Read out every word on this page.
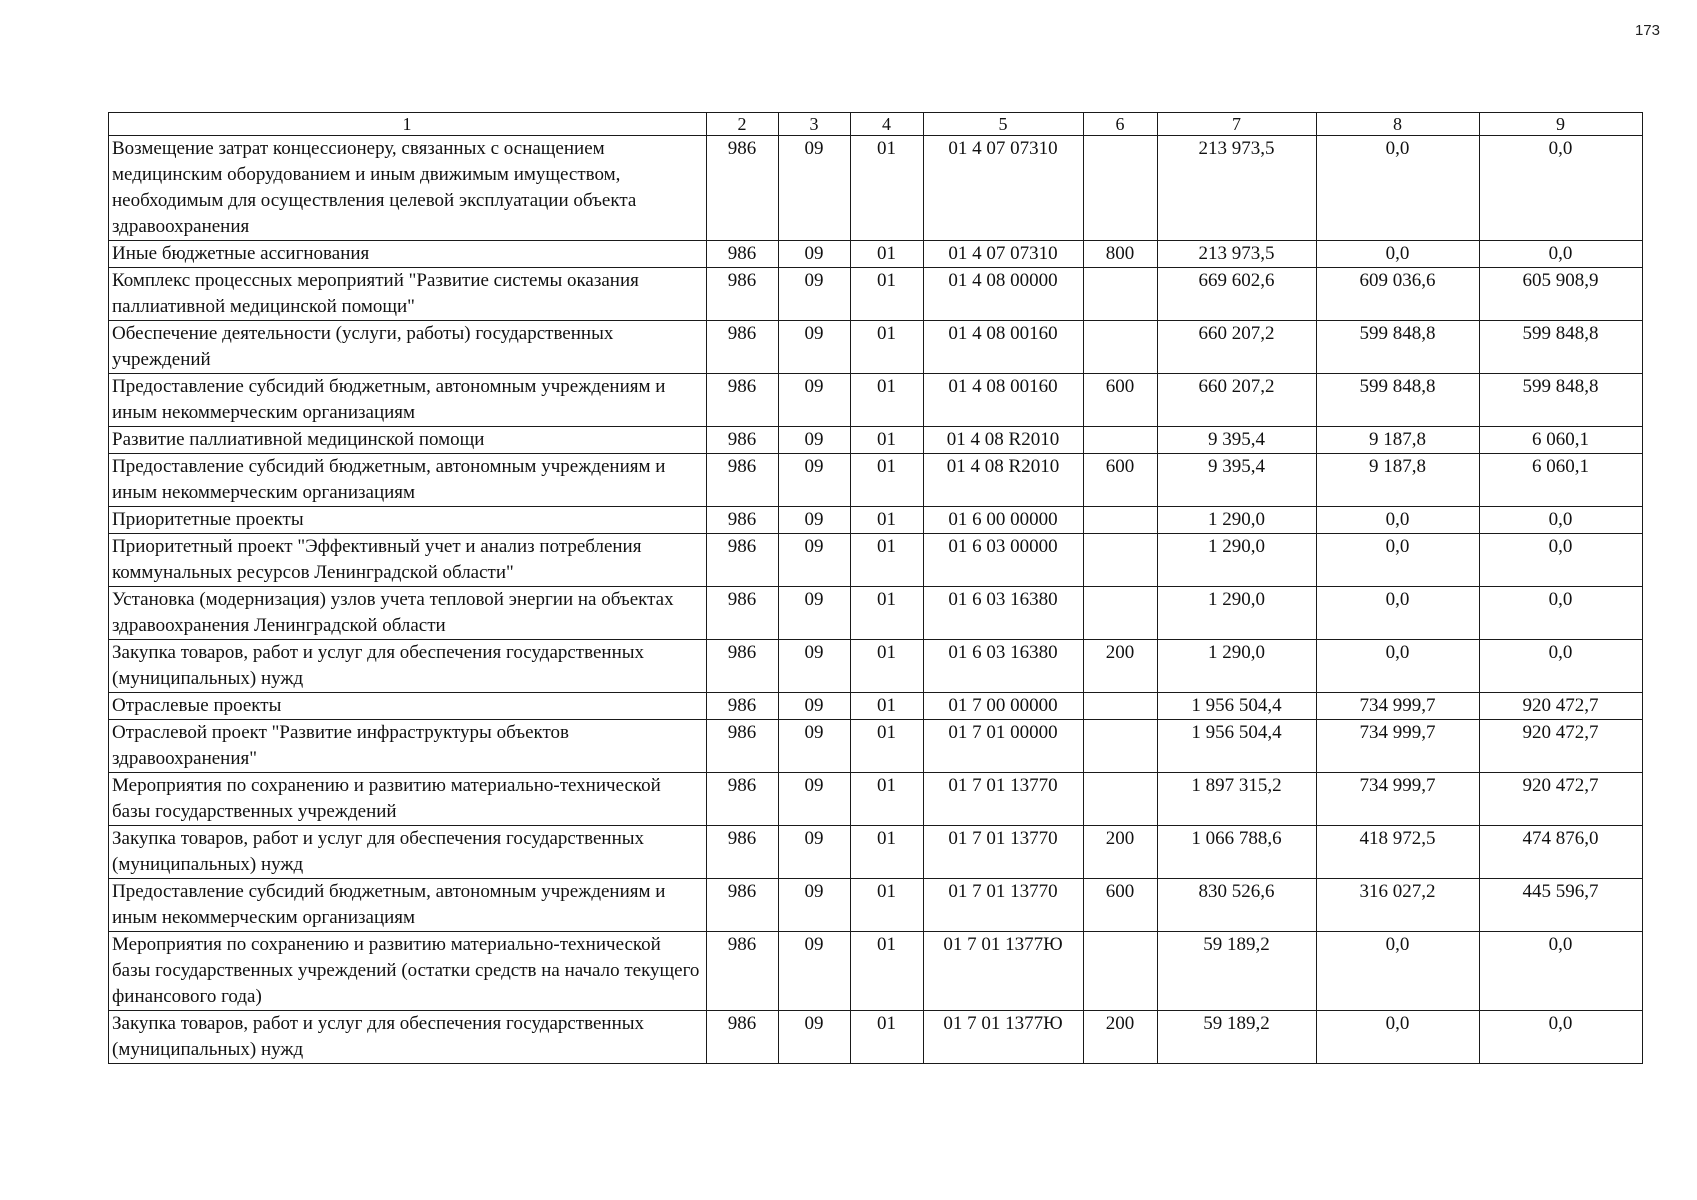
173
1	2	3	4	5	6	7	8	9
Возмещение затрат концессионеру, связанных с оснащением медицинским оборудованием и иным движимым имуществом, необходимым для осуществления целевой эксплуатации объекта здравоохранения	986	09	01	01 4 07 07310		213 973,5	0,0	0,0
Иные бюджетные ассигнования	986	09	01	01 4 07 07310	800	213 973,5	0,0	0,0
Комплекс процессных мероприятий "Развитие системы оказания паллиативной медицинской помощи"	986	09	01	01 4 08 00000		669 602,6	609 036,6	605 908,9
Обеспечение деятельности (услуги, работы) государственных учреждений	986	09	01	01 4 08 00160		660 207,2	599 848,8	599 848,8
Предоставление субсидий бюджетным, автономным учреждениям и иным некоммерческим организациям	986	09	01	01 4 08 00160	600	660 207,2	599 848,8	599 848,8
Развитие паллиативной медицинской помощи	986	09	01	01 4 08 R2010		9 395,4	9 187,8	6 060,1
Предоставление субсидий бюджетным, автономным учреждениям и иным некоммерческим организациям	986	09	01	01 4 08 R2010	600	9 395,4	9 187,8	6 060,1
Приоритетные проекты	986	09	01	01 6 00 00000		1 290,0	0,0	0,0
Приоритетный проект "Эффективный учет и анализ потребления коммунальных ресурсов Ленинградской области"	986	09	01	01 6 03 00000		1 290,0	0,0	0,0
Установка (модернизация) узлов учета тепловой энергии на объектах здравоохранения Ленинградской области	986	09	01	01 6 03 16380		1 290,0	0,0	0,0
Закупка товаров, работ и услуг для обеспечения государственных (муниципальных) нужд	986	09	01	01 6 03 16380	200	1 290,0	0,0	0,0
Отраслевые проекты	986	09	01	01 7 00 00000		1 956 504,4	734 999,7	920 472,7
Отраслевой проект "Развитие инфраструктуры объектов здравоохранения"	986	09	01	01 7 01 00000		1 956 504,4	734 999,7	920 472,7
Мероприятия по сохранению и развитию материально-технической базы государственных учреждений	986	09	01	01 7 01 13770		1 897 315,2	734 999,7	920 472,7
Закупка товаров, работ и услуг для обеспечения государственных (муниципальных) нужд	986	09	01	01 7 01 13770	200	1 066 788,6	418 972,5	474 876,0
Предоставление субсидий бюджетным, автономным учреждениям и иным некоммерческим организациям	986	09	01	01 7 01 13770	600	830 526,6	316 027,2	445 596,7
Мероприятия по сохранению и развитию материально-технической базы государственных учреждений (остатки средств на начало текущего финансового года)	986	09	01	01 7 01 1377Ю		59 189,2	0,0	0,0
Закупка товаров, работ и услуг для обеспечения государственных (муниципальных) нужд	986	09	01	01 7 01 1377Ю	200	59 189,2	0,0	0,0
